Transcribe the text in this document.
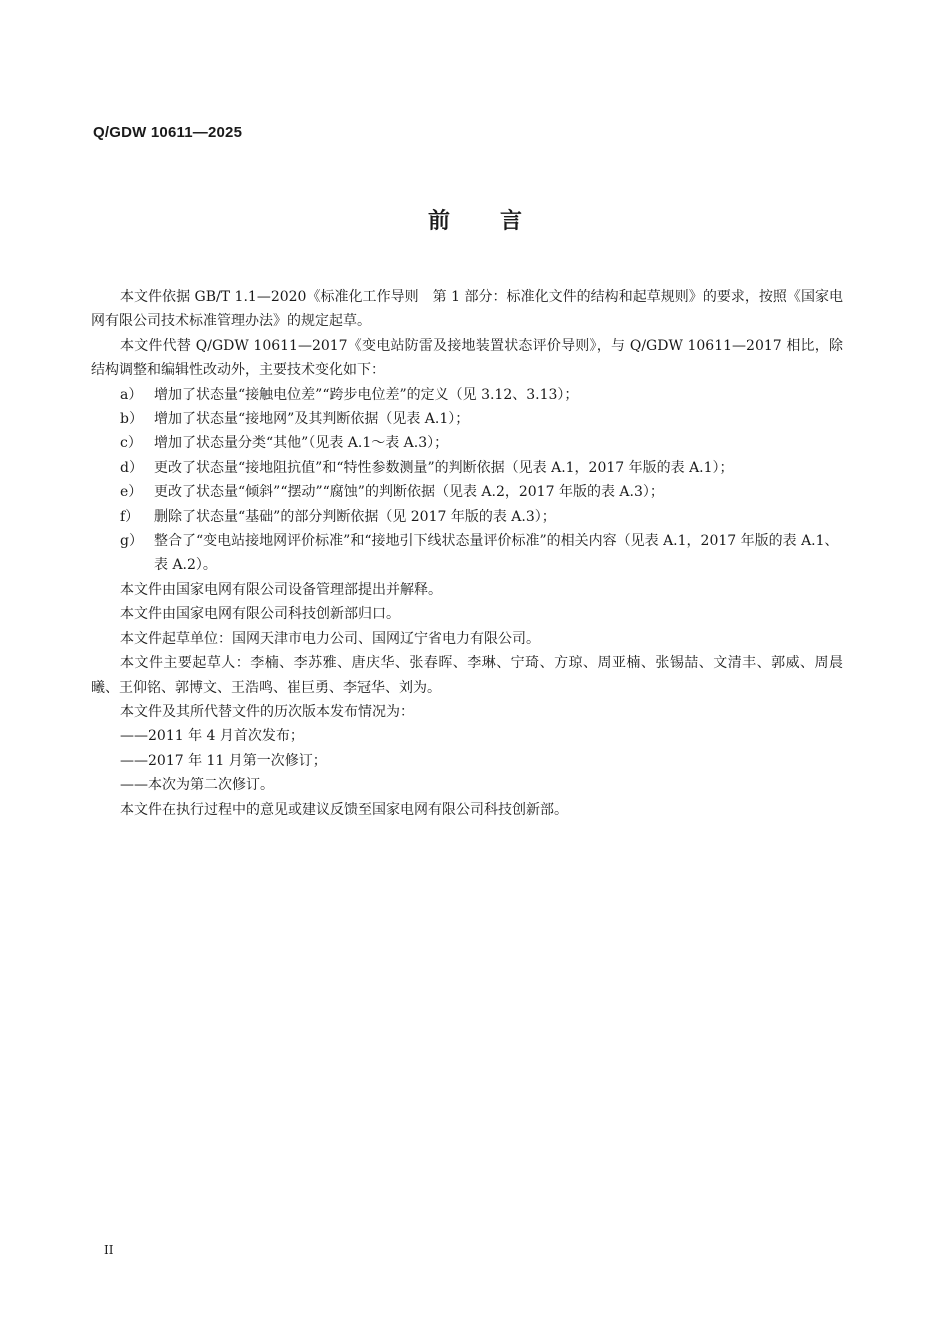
Q/GDW 10611—2025
前 言

本文件依据 GB/T 1.1—2020《标准化工作导则　第 1 部分：标准化文件的结构和起草规则》的要求，按照《国家电网有限公司技术标准管理办法》的规定起草。

本文件代替 Q/GDW 10611—2017《变电站防雷及接地装置状态评价导则》，与 Q/GDW 10611—2017 相比，除结构调整和编辑性改动外，主要技术变化如下：

a） 增加了状态量“接触电位差”“跨步电位差”的定义（见 3.12、3.13）；

b） 增加了状态量“接地网”及其判断依据（见表 A.1）；

c） 增加了状态量分类“其他”（见表 A.1～表 A.3）；

d） 更改了状态量“接地阻抗值”和“特性参数测量”的判断依据（见表 A.1，2017 年版的表 A.1）；

e） 更改了状态量“倾斜”“摆动”“腐蚀”的判断依据（见表 A.2，2017 年版的表 A.3）；

f） 删除了状态量“基础”的部分判断依据（见 2017 年版的表 A.3）；

g） 整合了“变电站接地网评价标准”和“接地引下线状态量评价标准”的相关内容（见表 A.1，2017 年版的表 A.1、表 A.2）。

本文件由国家电网有限公司设备管理部提出并解释。

本文件由国家电网有限公司科技创新部归口。

本文件起草单位：国网天津市电力公司、国网辽宁省电力有限公司。

本文件主要起草人：李楠、李苏雅、唐庆华、张春晖、李琳、宁琦、方琼、周亚楠、张锡喆、文清丰、郭威、周晨曦、王仰铭、郭博文、王浩鸣、崔巨勇、李冠华、刘为。

本文件及其所代替文件的历次版本发布情况为：

——2011 年 4 月首次发布；

——2017 年 11 月第一次修订；

——本次为第二次修订。

本文件在执行过程中的意见或建议反馈至国家电网有限公司科技创新部。

II
